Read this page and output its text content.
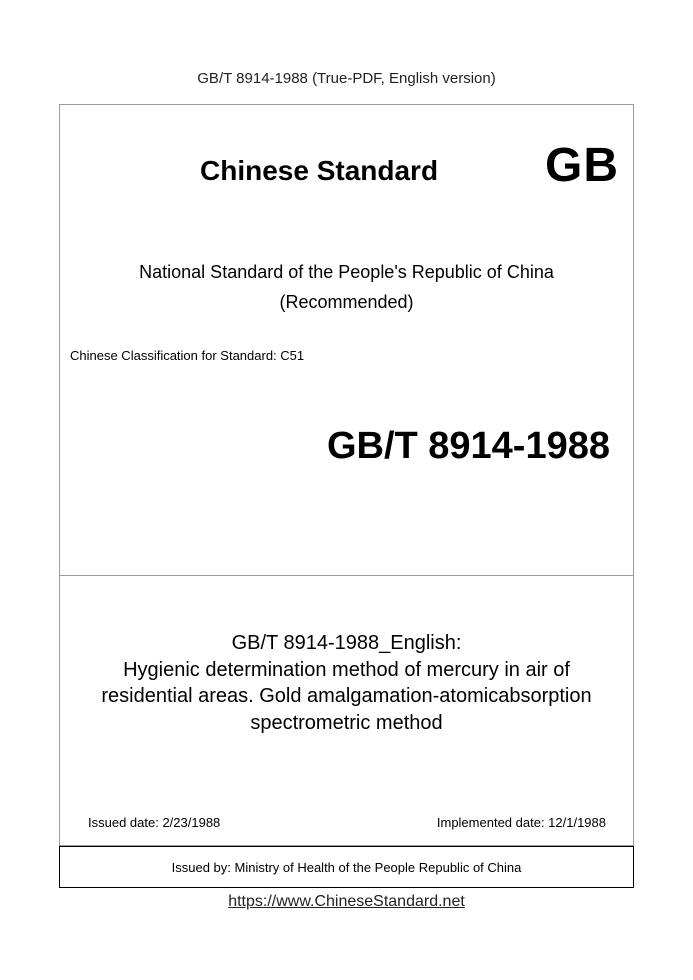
GB/T 8914-1988 (True-PDF, English version)
Chinese Standard GB
National Standard of the People's Republic of China
(Recommended)
Chinese Classification for Standard: C51
GB/T 8914-1988
GB/T 8914-1988_English:
Hygienic determination method of mercury in air of
residential areas. Gold amalgamation-atomicabsorption
spectrometric method
Issued date: 2/23/1988	Implemented date: 12/1/1988
Issued by: Ministry of Health of the People Republic of China
https://www.ChineseStandard.net
